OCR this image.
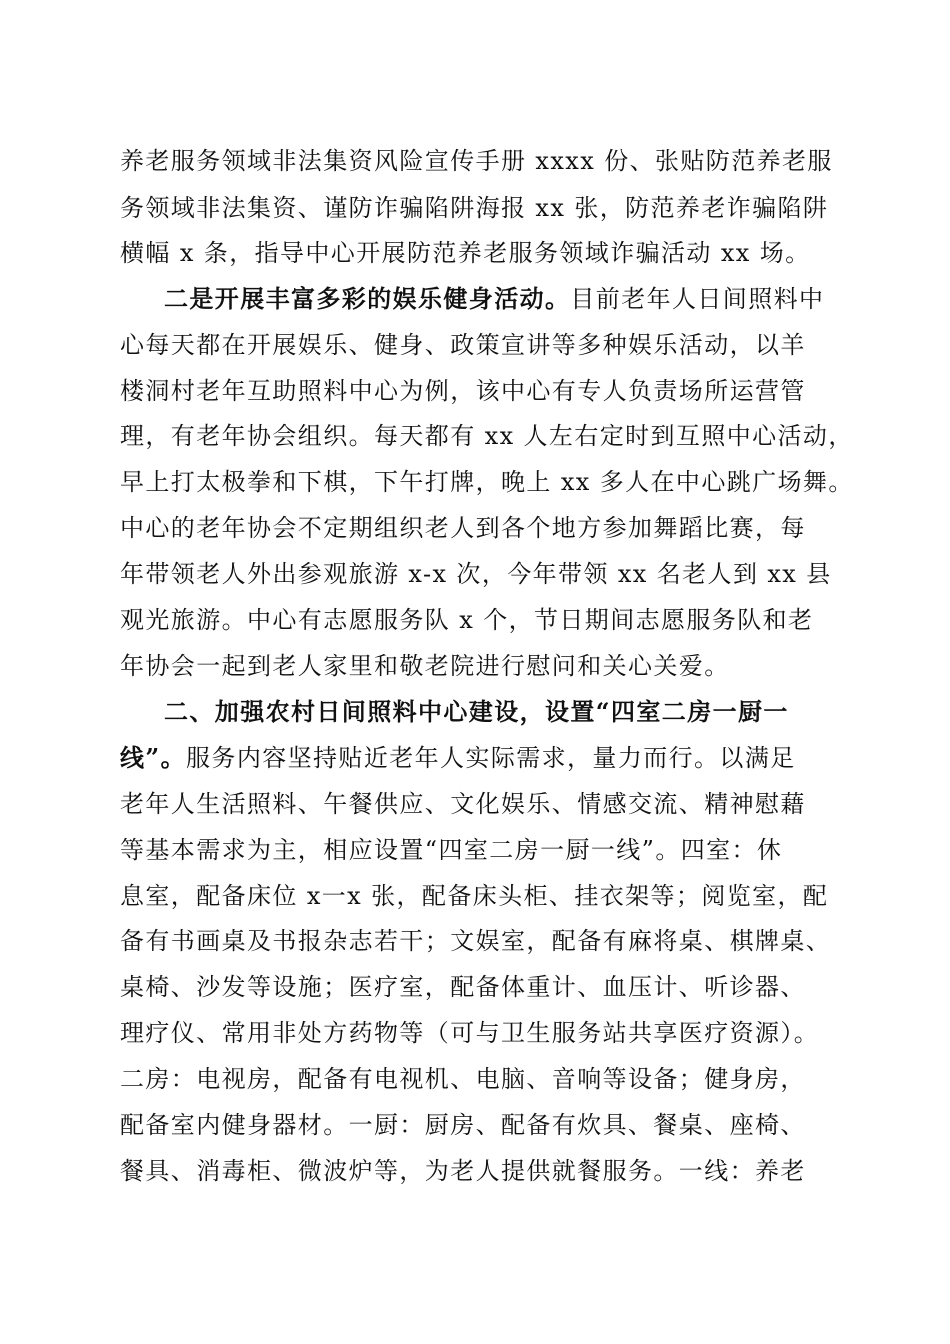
养老服务领域非法集资风险宣传手册 xxxx 份、张贴防范养老服
务领域非法集资、谨防诈骗陷阱海报 xx 张，防范养老诈骗陷阱
横幅 x 条，指导中心开展防范养老服务领域诈骗活动 xx 场。
二是开展丰富多彩的娱乐健身活动。目前老年人日间照料中
心每天都在开展娱乐、健身、政策宣讲等多种娱乐活动，以羊
楼洞村老年互助照料中心为例，该中心有专人负责场所运营管
理，有老年协会组织。每天都有 xx 人左右定时到互照中心活动，
早上打太极拳和下棋，下午打牌，晚上 xx 多人在中心跳广场舞。
中心的老年协会不定期组织老人到各个地方参加舞蹈比赛，每
年带领老人外出参观旅游 x-x 次，今年带领 xx 名老人到 xx 县
观光旅游。中心有志愿服务队 x 个，节日期间志愿服务队和老
年协会一起到老人家里和敬老院进行慰问和关心关爱。
二、加强农村日间照料中心建设，设置“四室二房一厨一
线”。服务内容坚持贴近老年人实际需求，量力而行。以满足
老年人生活照料、午餐供应、文化娱乐、情感交流、精神慰藉
等基本需求为主，相应设置“四室二房一厨一线”。四室：休
息室，配备床位 x一x 张，配备床头柜、挂衣架等；阅览室，配
备有书画桌及书报杂志若干；文娱室，配备有麻将桌、棋牌桌、
桌椅、沙发等设施；医疗室，配备体重计、血压计、听诊器、
理疗仪、常用非处方药物等（可与卫生服务站共享医疗资源）。
二房：电视房，配备有电视机、电脑、音响等设备；健身房，
配备室内健身器材。一厨：厨房、配备有炊具、餐桌、座椅、
餐具、消毒柜、微波炉等，为老人提供就餐服务。一线：养老
